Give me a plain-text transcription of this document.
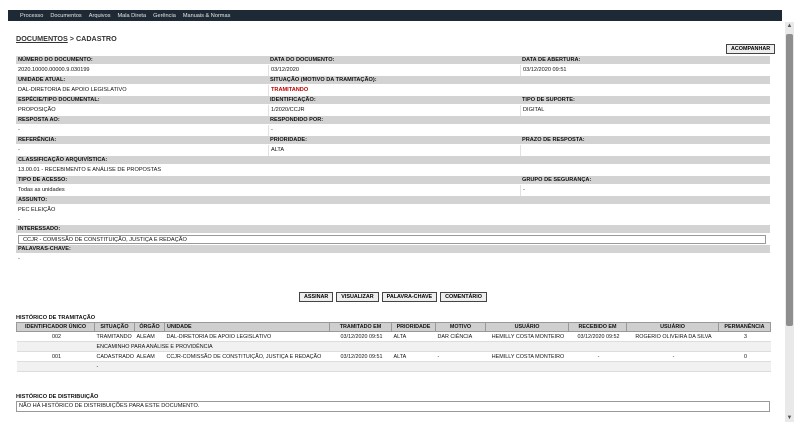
Processo Documentos Arquivos Mala Direta Gerência Manuais & Normas
▲
▼
DOCUMENTOS > CADASTRO
ACOMPANHAR
NÚMERO DO DOCUMENTO:	DATA DO DOCUMENTO:	DATA DE ABERTURA:
2020.10000.00000.9.030199	03/12/2020	03/12/2020 09:51
UNIDADE ATUAL:	SITUAÇÃO (MOTIVO DA TRAMITAÇÃO):
DAL-DIRETORIA DE APOIO LEGISLATIVO	TRAMITANDO
ESPÉCIE/TIPO DOCUMENTAL:	IDENTIFICAÇÃO:	TIPO DE SUPORTE:
PROPOSIÇÃO	1/2020/CCJR	DIGITAL
RESPOSTA AO:	RESPONDIDO POR:
-	-
REFERÊNCIA:	PRIORIDADE:	PRAZO DE RESPOSTA:
-	ALTA
CLASSIFICAÇÃO ARQUIVÍSTICA:
13.00.01 - RECEBIMENTO E ANÁLISE DE PROPOSTAS
TIPO DE ACESSO:	GRUPO DE SEGURANÇA:
Todas as unidades	-
ASSUNTO:
PEC ELEIÇÃO
-
INTERESSADO:
CCJR - COMISSÃO DE CONSTITUIÇÃO, JUSTIÇA E REDAÇÃO
PALAVRAS-CHAVE:
-
ASSINAR	VISUALIZAR	PALAVRA-CHAVE	COMENTÁRIO
HISTÓRICO DE TRAMITAÇÃO
IDENTIFICADOR ÚNICO	SITUAÇÃO	ÓRGÃO	UNIDADE	TRAMITADO EM	PRIORIDADE	MOTIVO	USUÁRIO	RECEBIDO EM	USUÁRIO	PERMANÊNCIA
002	TRAMITANDO	ALEAM	DAL-DIRETORIA DE APOIO LEGISLATIVO	03/12/2020 09:51	ALTA	DAR CIÊNCIA	HEMILLY COSTA MONTEIRO	03/12/2020 09:52	ROGERIO OLIVEIRA DA SILVA	3
	ENCAMINHO PARA ANÁLISE E PROVIDÊNCIA									
001	CADASTRADO	ALEAM	CCJR-COMISSÃO DE CONSTITUIÇÃO, JUSTIÇA E REDAÇÃO	03/12/2020 09:51	ALTA	-	HEMILLY COSTA MONTEIRO	-	-	0
	-									
HISTÓRICO DE DISTRIBUIÇÃO
NÃO HÁ HISTÓRICO DE DISTRIBUIÇÕES PARA ESTE DOCUMENTO.
